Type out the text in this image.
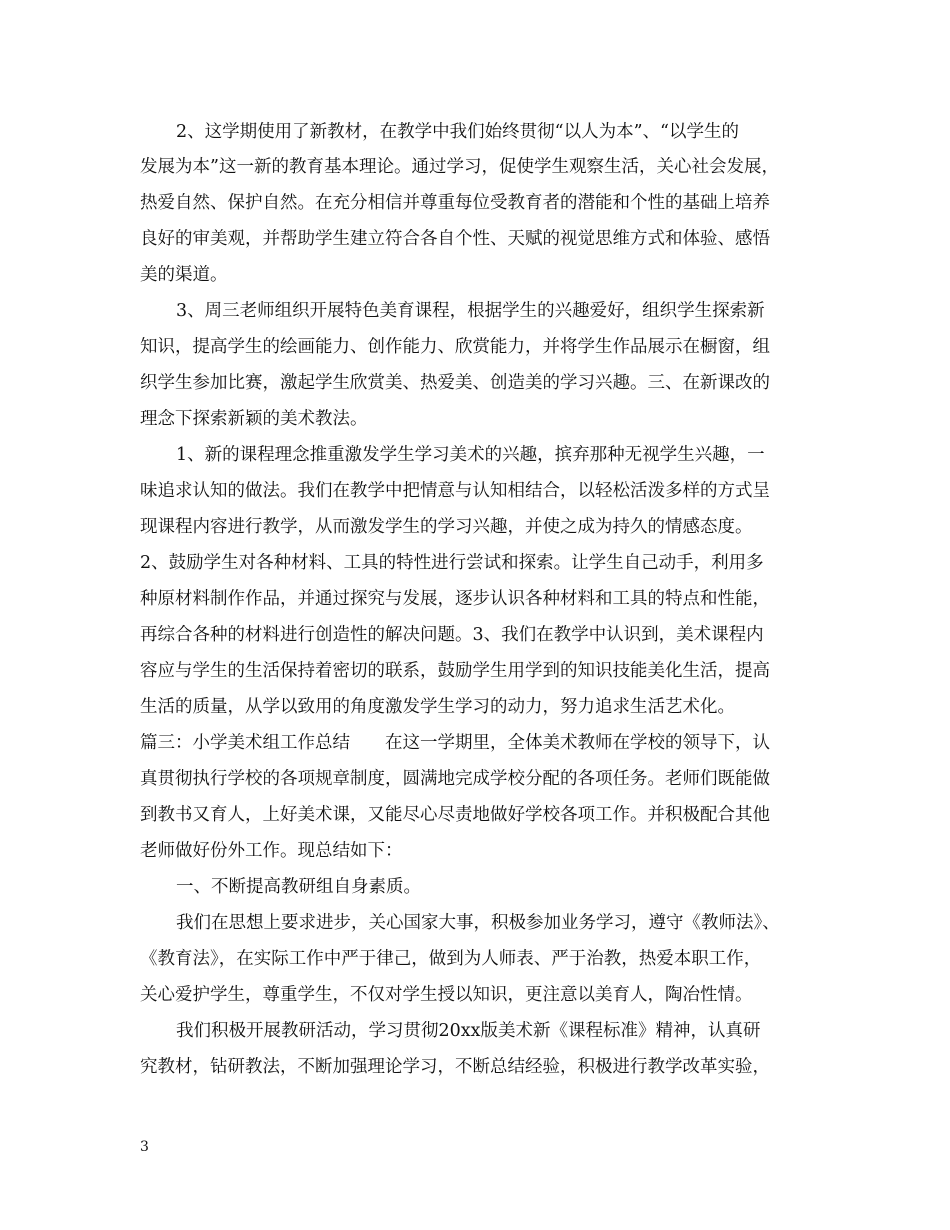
2、这学期使用了新教材，在教学中我们始终贯彻“以人为本”、“以学生的
发展为本”这一新的教育基本理论。通过学习，促使学生观察生活，关心社会发展，
热爱自然、保护自然。在充分相信并尊重每位受教育者的潜能和个性的基础上培养
良好的审美观，并帮助学生建立符合各自个性、天赋的视觉思维方式和体验、感悟
美的渠道。
3、周三老师组织开展特色美育课程，根据学生的兴趣爱好，组织学生探索新
知识，提高学生的绘画能力、创作能力、欣赏能力，并将学生作品展示在橱窗，组
织学生参加比赛，激起学生欣赏美、热爱美、创造美的学习兴趣。三、在新课改的
理念下探索新颖的美术教法。
1、新的课程理念推重激发学生学习美术的兴趣，摈弃那种无视学生兴趣，一
味追求认知的做法。我们在教学中把情意与认知相结合，以轻松活泼多样的方式呈
现课程内容进行教学，从而激发学生的学习兴趣，并使之成为持久的情感态度。
2、鼓励学生对各种材料、工具的特性进行尝试和探索。让学生自己动手，利用多
种原材料制作作品，并通过探究与发展，逐步认识各种材料和工具的特点和性能，
再综合各种的材料进行创造性的解决问题。3、我们在教学中认识到，美术课程内
容应与学生的生活保持着密切的联系，鼓励学生用学到的知识技能美化生活，提高
生活的质量，从学以致用的角度激发学生学习的动力，努力追求生活艺术化。
篇三：小学美术组工作总结　　在这一学期里，全体美术教师在学校的领导下，认
真贯彻执行学校的各项规章制度，圆满地完成学校分配的各项任务。老师们既能做
到教书又育人，上好美术课，又能尽心尽责地做好学校各项工作。并积极配合其他
老师做好份外工作。现总结如下：
一、不断提高教研组自身素质。
我们在思想上要求进步，关心国家大事，积极参加业务学习，遵守《教师法》、
《教育法》，在实际工作中严于律己，做到为人师表、严于治教，热爱本职工作，
关心爱护学生，尊重学生，不仅对学生授以知识，更注意以美育人，陶冶性情。
我们积极开展教研活动，学习贯彻20xx版美术新《课程标准》精神，认真研
究教材，钻研教法，不断加强理论学习，不断总结经验，积极进行教学改革实验，
3
